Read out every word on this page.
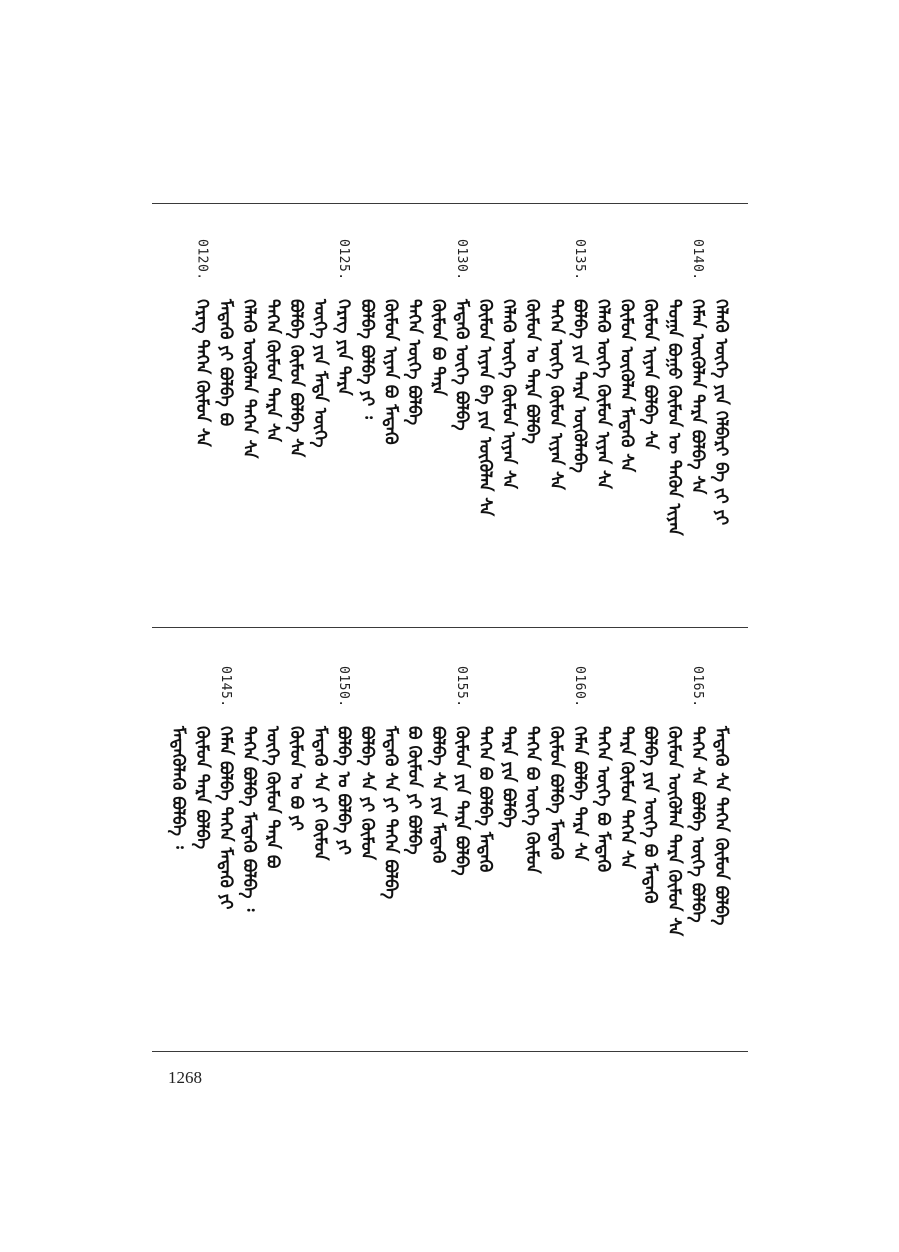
ᠬᠡᠯᠡᠬᠦ ᠦᠭᠡ ᠶᠢᠨ ᠬᠡᠯᠪᠡᠷᠢ ᠪᠠ ᠵᠢ ᠶᠢ
0140.
ᠬᠡᠮᠡᠨ ᠦᠭᠦᠯᠡᠨ ᠲᠡᠷᠡ ᠪᠣᠯᠪᠠ ᠰᠠ
ᠲᠣᠭᠠ ᠪᠣᠭᠤ ᠬᠦᠮᠦᠨ ᠦ ᠲᠡᠭᠦᠨ ᠢᠶᠡᠨ
ᠬᠦᠮᠦᠨ ᠢᠶᠡᠨ ᠪᠣᠯᠪᠠ ᠰᠠ
ᠬᠦᠮᠦᠨ ᠦᠭᠦᠯᠡᠨ ᠮᠡᠳᠡᠬᠦ ᠰᠠ
ᠬᠡᠯᠡᠬᠦ ᠦᠭᠡ ᠬᠦᠮᠦᠨ ᠢᠶᠡᠨ ᠰᠠ
0135.
ᠪᠣᠯᠪᠠ ᠶᠢᠨ ᠲᠡᠷᠡ ᠦᠭᠦᠯᠡᠪᠡ
ᠲᠡᠭᠡᠨ ᠦᠭᠡ ᠬᠦᠮᠦᠨ ᠢᠶᠡᠨ ᠰᠠ
ᠬᠦᠮᠦᠨ ᠣ ᠲᠡᠷᠡ ᠪᠣᠯᠪᠠ
ᠬᠡᠯᠡᠬᠦ ᠦᠭᠡ ᠬᠦᠮᠦᠨ ᠢᠶᠡᠨ ᠰᠠ
ᠬᠦᠮᠦᠨ ᠢᠶᠡᠨ ᠪᠠ ᠶᠢᠨ ᠦᠭᠦᠯᠡᠨ ᠰᠠ
0130.
ᠮᠡᠳᠡᠬᠦ ᠦᠭᠡ ᠪᠣᠯᠪᠠ
ᠬᠦᠮᠦᠨ ᠪᠣ ᠲᠡᠷᠡ
ᠲᠡᠭᠡᠨ ᠦᠭᠡ ᠪᠣᠯᠪᠠ
ᠬᠦᠮᠦᠨ ᠢᠶᠡᠨ ᠪᠣ ᠮᠡᠳᠡᠬᠦ
ᠪᠣᠯᠪᠠ ᠪᠣᠯᠪᠠ ᠶᠢ ᠄
0125.
ᠬᠡᠷᠡᠭ ᠶᠢᠨ ᠲᠡᠷᠡ
ᠦᠭᠡ ᠶᠢᠨ ᠮᠡᠳᠡ ᠦᠭᠡ
ᠪᠣᠯᠪᠠ ᠬᠦᠮᠦᠨ ᠪᠣᠯᠪᠠ ᠰᠠ
ᠲᠡᠭᠡᠨ ᠬᠦᠮᠦᠨ ᠲᠡᠷᠡ ᠰᠠ
ᠬᠡᠯᠡᠬᠦ ᠦᠭᠦᠯᠡᠨ ᠲᠡᠭᠡᠨ ᠰᠠ
ᠮᠡᠳᠡᠬᠦ ᠶᠢ ᠪᠣᠯᠪᠠ ᠪᠣ
0120.
ᠬᠡᠷᠡᠭ ᠲᠡᠭᠡᠨ ᠬᠦᠮᠦᠨ ᠰᠠ
ᠮᠡᠳᠡᠬᠦ ᠰᠠ ᠲᠡᠭᠡᠨ ᠬᠦᠮᠦᠨ ᠪᠣᠯᠪᠠ
0165.
ᠲᠡᠭᠡᠨ ᠰᠠ ᠪᠣᠯᠪᠠ ᠦᠭᠡ ᠪᠣᠯᠪᠠ
ᠬᠦᠮᠦᠨ ᠦᠭᠦᠯᠡᠨ ᠲᠡᠷᠡ ᠬᠦᠮᠦᠨ ᠰᠠ
ᠪᠣᠯᠪᠠ ᠶᠢᠨ ᠦᠭᠡ ᠪᠣ ᠮᠡᠳᠡᠬᠦ
ᠲᠡᠷᠡ ᠬᠦᠮᠦᠨ ᠲᠡᠭᠡᠨ ᠰᠠ
ᠲᠡᠭᠡᠨ ᠦᠭᠡ ᠪᠣ ᠮᠡᠳᠡᠬᠦ
0160.
ᠬᠡᠮᠡᠨ ᠪᠣᠯᠪᠠ ᠲᠡᠷᠡ ᠰᠠ
ᠬᠦᠮᠦᠨ ᠪᠣᠯᠪᠠ ᠮᠡᠳᠡᠬᠦ
ᠲᠡᠭᠡᠨ ᠪᠣ ᠦᠭᠡ ᠬᠦᠮᠦᠨ
ᠲᠡᠷᠡ ᠶᠢᠨ ᠪᠣᠯᠪᠠ
ᠲᠡᠭᠡᠨ ᠪᠣ ᠪᠣᠯᠪᠠ ᠮᠡᠳᠡᠬᠦ
0155.
ᠬᠦᠮᠦᠨ ᠶᠢᠨ ᠲᠡᠷᠡ ᠪᠣᠯᠪᠠ
ᠪᠣᠯᠪᠠ ᠰᠠ ᠶᠢᠨ ᠮᠡᠳᠡᠬᠦ
ᠪᠣ ᠬᠦᠮᠦᠨ ᠶᠢ ᠪᠣᠯᠪᠠ
ᠮᠡᠳᠡᠬᠦ ᠰᠠ ᠶᠢ ᠲᠡᠭᠡᠨ ᠪᠣᠯᠪᠠ
ᠪᠣᠯᠪᠠ ᠰᠠ ᠶᠢ ᠬᠦᠮᠦᠨ
0150.
ᠪᠣᠯᠪᠠ ᠣ ᠪᠣᠯᠪᠠ ᠶᠢ
ᠮᠡᠳᠡᠬᠦ ᠰᠠ ᠶᠢ ᠬᠦᠮᠦᠨ
ᠬᠦᠮᠦᠨ ᠣ ᠪᠣ ᠶᠢ
ᠦᠭᠡ ᠬᠦᠮᠦᠨ ᠲᠡᠷᠡ ᠪᠣ
ᠲᠡᠭᠡᠨ ᠪᠣᠯᠪᠠ ᠮᠡᠳᠡᠬᠦ ᠪᠣᠯᠪᠠ ᠄
0145.
ᠬᠡᠮᠡᠨ ᠪᠣᠯᠪᠠ ᠲᠡᠭᠡᠨ ᠮᠡᠳᠡᠬᠦ ᠶᠢ
ᠬᠦᠮᠦᠨ ᠲᠡᠷᠡ ᠪᠣᠯᠪᠠ
ᠮᠡᠳᠡᠬᠦᠯᠡᠬᠦ ᠪᠣᠯᠪᠠ ᠄
1268
